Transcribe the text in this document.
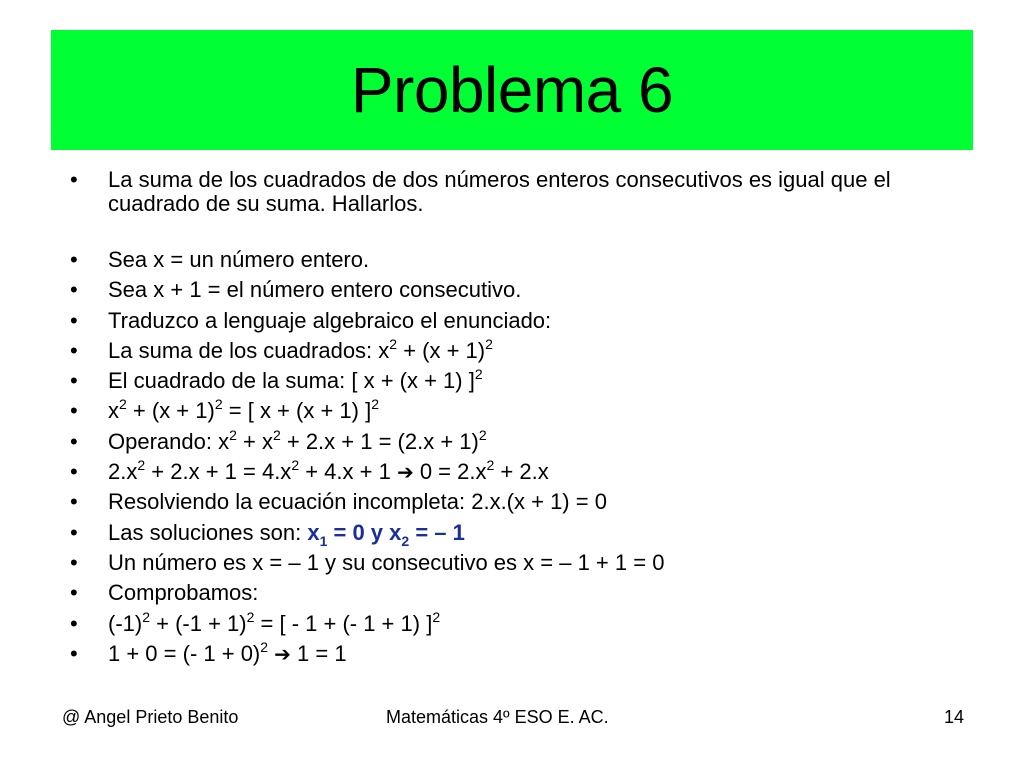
Problema 6
• La suma de los cuadrados de dos números enteros consecutivos es igual que el cuadrado de su suma. Hallarlos.
• Sea x = un número entero.
• Sea x + 1 = el número entero consecutivo.
• Traduzco a lenguaje algebraico el enunciado:
• La suma de los cuadrados: $x^2 + (x + 1)^2$
• El cuadrado de la suma: [ x + (x + 1) ]$^2$
• $x^2 + (x + 1)^2$ = [ x + (x + 1) ]$^2$
• Operando: $x^2 + x^2 + 2.x + 1 = (2.x + 1)^2$
• $2.x^2 + 2.x + 1 = 4.x^2 + 4.x + 1$ ➔ $0 = 2.x^2 + 2.x$
• Resolviendo la ecuación incompleta: 2.x.(x + 1) = 0
• Las soluciones son: $x_1 = 0$ y $x_2$ = – 1
• Un número es x = – 1 y su consecutivo es x = – 1 + 1 = 0
• Comprobamos:
• $(-1)^2 + (-1 + 1)^2$ = [ - 1 + (- 1 + 1) ]$^2$
• 1 + 0 = (- 1 + 0)$^2$ ➔ 1 = 1
@ Angel Prieto Benito	Matemáticas 4º ESO E. AC.	14
